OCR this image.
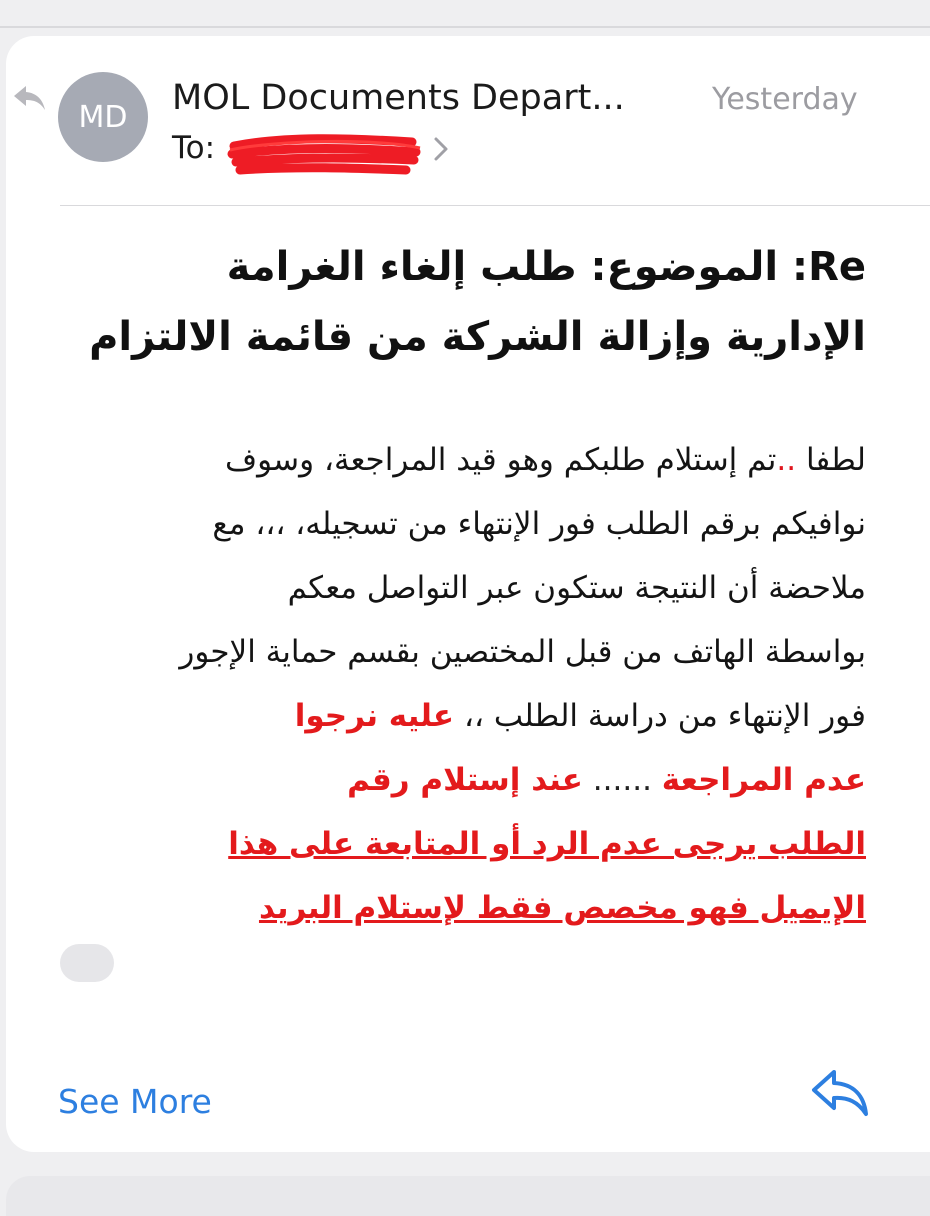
MD	MOL Documents Depart...	Yesterday
To:
Re: الموضوع: طلب إلغاء الغرامة
الإدارية وإزالة الشركة من قائمة الالتزام
لطفا ..تم إستلام طلبكم وهو قيد المراجعة، وسوف
نوافيكم برقم الطلب فور الإنتهاء من تسجيله، ،،، مع
ملاحضة أن النتيجة ستكون عبر التواصل معكم
بواسطة الهاتف من قبل المختصين بقسم حماية الإجور
فور الإنتهاء من دراسة الطلب ،، عليه نرجوا
عدم المراجعة ...... عند إستلام رقم
الطلب يرجى عدم الرد أو المتابعة على هذا
الإيميل فهو مخصص فقط لإستلام البريد
See More
